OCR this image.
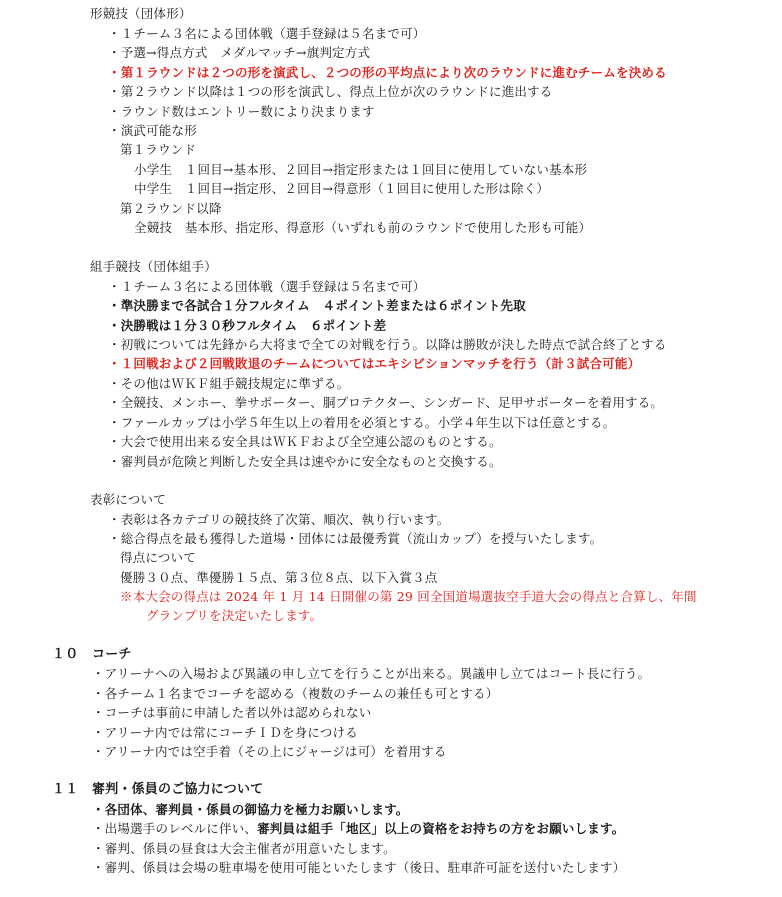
形競技（団体形）
・１チーム３名による団体戦（選手登録は５名まで可）
・予選→得点方式　メダルマッチ→旗判定方式
・第１ラウンドは２つの形を演武し、２つの形の平均点により次のラウンドに進むチームを決める
・第２ラウンド以降は１つの形を演武し、得点上位が次のラウンドに進出する
・ラウンド数はエントリー数により決まります
・演武可能な形
第１ラウンド
小学生　１回目→基本形、２回目→指定形または１回目に使用していない基本形
中学生　１回目→指定形、２回目→得意形（１回目に使用した形は除く）
第２ラウンド以降
全競技　基本形、指定形、得意形（いずれも前のラウンドで使用した形も可能）
組手競技（団体組手）
・１チーム３名による団体戦（選手登録は５名まで可）
・準決勝まで各試合１分フルタイム　４ポイント差または６ポイント先取
・決勝戦は１分３０秒フルタイム　６ポイント差
・初戦については先鋒から大将まで全ての対戦を行う。以降は勝敗が決した時点で試合終了とする
・１回戦および２回戦敗退のチームについてはエキシビションマッチを行う（計３試合可能）
・その他はＷＫＦ組手競技規定に準ずる。
・全競技、メンホー、拳サポーター、胴プロテクター、シンガード、足甲サポーターを着用する。
・ファールカップは小学５年生以上の着用を必須とする。小学４年生以下は任意とする。
・大会で使用出来る安全具はＷＫＦおよび全空連公認のものとする。
・審判員が危険と判断した安全具は速やかに安全なものと交換する。
表彰について
・表彰は各カテゴリの競技終了次第、順次、執り行います。
・総合得点を最も獲得した道場・団体には最優秀賞（流山カップ）を授与いたします。
得点について
優勝３０点、準優勝１５点、第３位８点、以下入賞３点
※本大会の得点は 2024 年 1 月 14 日開催の第 29 回全国道場選抜空手道大会の得点と合算し、年間
グランプリを決定いたします。
１０ コーチ
・アリーナへの入場および異議の申し立てを行うことが出来る。異議申し立てはコート長に行う。
・各チーム１名までコーチを認める（複数のチームの兼任も可とする）
・コーチは事前に申請した者以外は認められない
・アリーナ内では常にコーチＩＤを身につける
・アリーナ内では空手着（その上にジャージは可）を着用する
１１ 審判・係員のご協力について
・各団体、審判員・係員の御協力を極力お願いします。
・出場選手のレベルに伴い、審判員は組手「地区」以上の資格をお持ちの方をお願いします。
・審判、係員の昼食は大会主催者が用意いたします。
・審判、係員は会場の駐車場を使用可能といたします（後日、駐車許可証を送付いたします）
